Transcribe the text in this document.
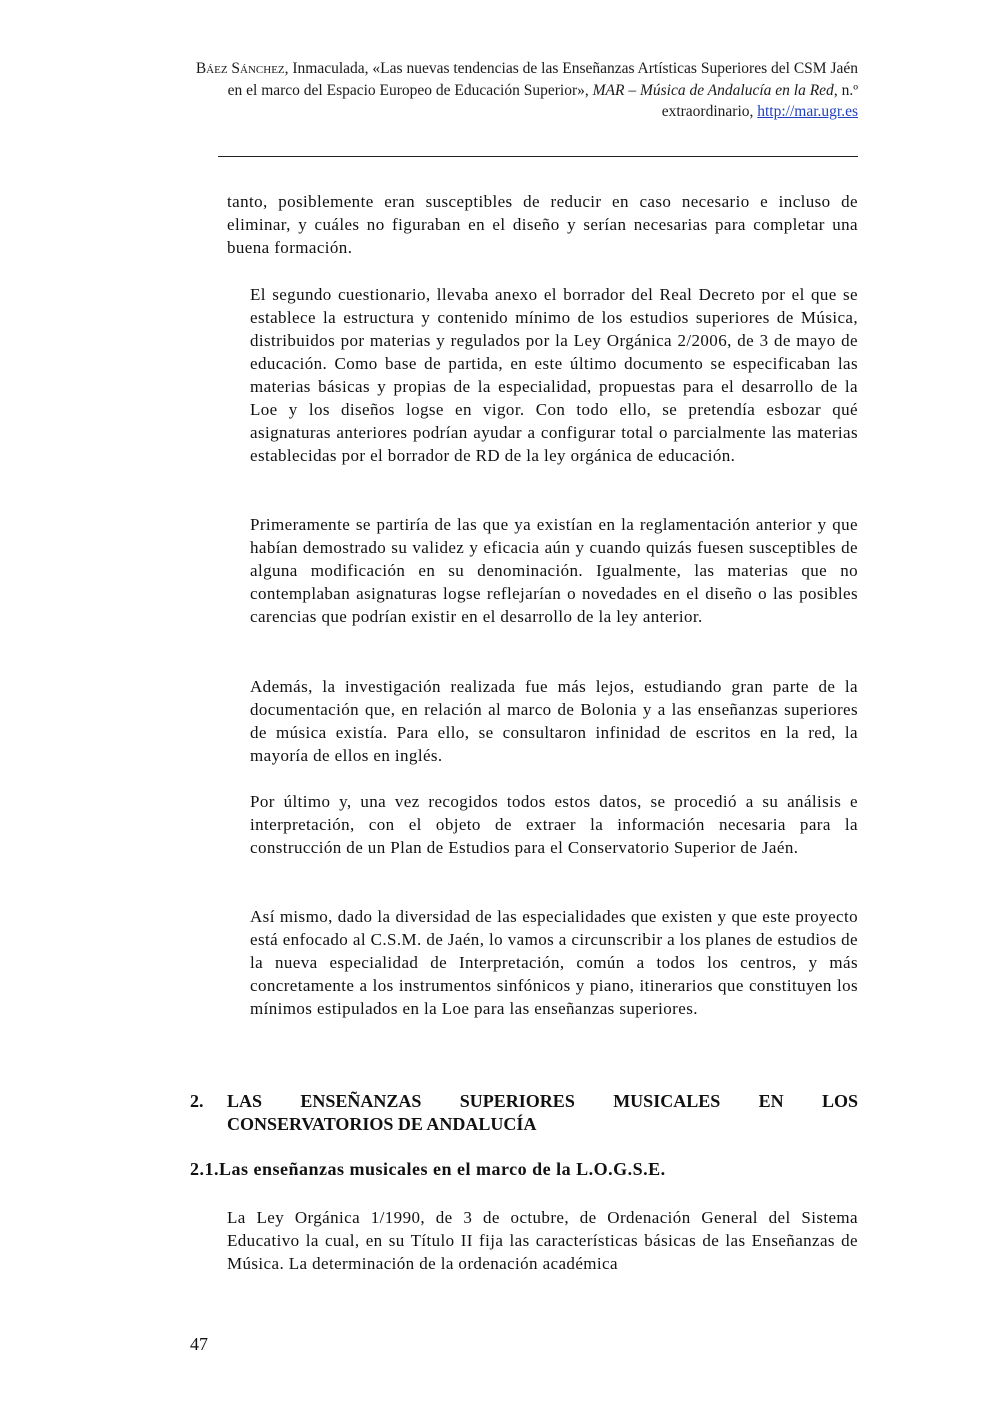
Báez Sánchez, Inmaculada, «Las nuevas tendencias de las Enseñanzas Artísticas Superiores del CSM Jaén en el marco del Espacio Europeo de Educación Superior», MAR – Música de Andalucía en la Red, n.º extraordinario, http://mar.ugr.es

tanto, posiblemente eran susceptibles de reducir en caso necesario e incluso de eliminar, y cuáles no figuraban en el diseño y serían necesarias para completar una buena formación.

El segundo cuestionario, llevaba anexo el borrador del Real Decreto por el que se establece la estructura y contenido mínimo de los estudios superiores de Música, distribuidos por materias y regulados por la Ley Orgánica 2/2006, de 3 de mayo de educación. Como base de partida, en este último documento se especificaban las materias básicas y propias de la especialidad, propuestas para el desarrollo de la Loe y los diseños logse en vigor. Con todo ello, se pretendía esbozar qué asignaturas anteriores podrían ayudar a configurar total o parcialmente las materias establecidas por el borrador de RD de la ley orgánica de educación.

Primeramente se partiría de las que ya existían en la reglamentación anterior y que habían demostrado su validez y eficacia aún y cuando quizás fuesen susceptibles de alguna modificación en su denominación. Igualmente, las materias que no contemplaban asignaturas logse reflejarían o novedades en el diseño o las posibles carencias que podrían existir en el desarrollo de la ley anterior.

Además, la investigación realizada fue más lejos, estudiando gran parte de la documentación que, en relación al marco de Bolonia y a las enseñanzas superiores de música existía. Para ello, se consultaron infinidad de escritos en la red, la mayoría de ellos en inglés.

Por último y, una vez recogidos todos estos datos, se procedió a su análisis e interpretación, con el objeto de extraer la información necesaria para la construcción de un Plan de Estudios para el Conservatorio Superior de Jaén.

Así mismo, dado la diversidad de las especialidades que existen y que este proyecto está enfocado al C.S.M. de Jaén, lo vamos a circunscribir a los planes de estudios de la nueva especialidad de Interpretación, común a todos los centros, y más concretamente a los instrumentos sinfónicos y piano, itinerarios que constituyen los mínimos estipulados en la Loe para las enseñanzas superiores.

2.	LAS ENSEÑANZAS SUPERIORES MUSICALES EN LOS CONSERVATORIOS DE ANDALUCÍA
2.1. Las enseñanzas musicales en el marco de la L.O.G.S.E.

La Ley Orgánica 1/1990, de 3 de octubre, de Ordenación General del Sistema Educativo la cual, en su Título II fija las características básicas de las Enseñanzas de Música. La determinación de la ordenación académica

47
